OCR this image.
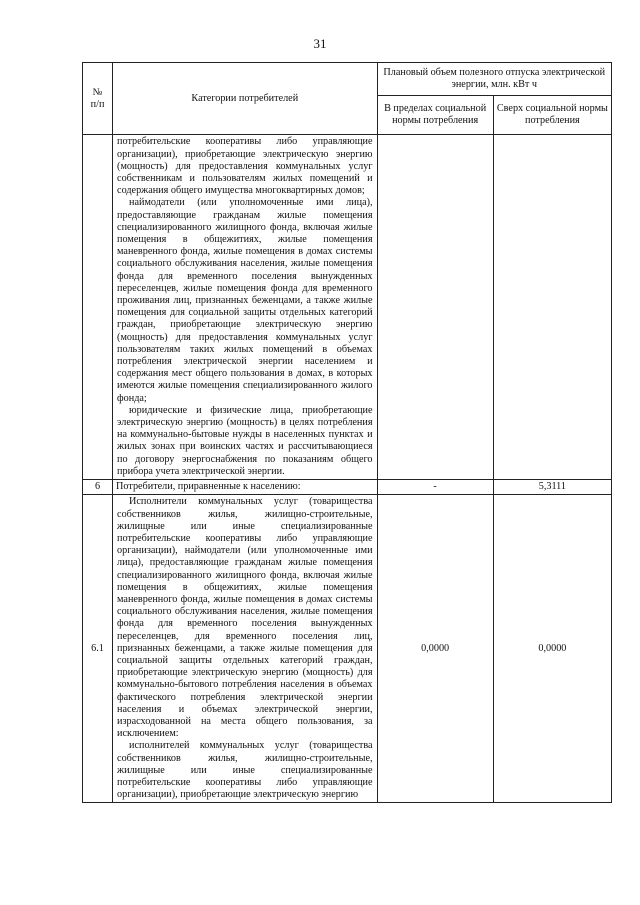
31
№
п/п	Категории потребителей	Плановый объем полезного отпуска электрической энергии, млн. кВт ч	
		В пределах социальной нормы потребления	Сверх социальной нормы потребления

	потребительские кооперативы либо управляющие организации), приобретающие электрическую энергию (мощность) для предоставления коммунальных услуг собственникам и пользователям жилых помещений и содержания общего имущества многоквартирных домов;

наймодатели (или уполномоченные ими лица), предоставляющие гражданам жилые помещения специализированного жилищного фонда, включая жилые помещения в общежитиях, жилые помещения маневренного фонда, жилые помещения в домах системы социального обслуживания населения, жилые помещения фонда для временного поселения вынужденных переселенцев, жилые помещения фонда для временного проживания лиц, признанных беженцами, а также жилые помещения для социальной защиты отдельных категорий граждан, приобретающие электрическую энергию (мощность) для предоставления коммунальных услуг пользователям таких жилых помещений в объемах потребления электрической энергии населением и содержания мест общего пользования в домах, в которых имеются жилые помещения специализированного жилого фонда;

юридические и физические лица, приобретающие электрическую энергию (мощность) в целях потребления на коммунально-бытовые нужды в населенных пунктах и жилых зонах при воинских частях и рассчитывающиеся по договору энергоснабжения по показаниям общего прибора учета электрической энергии.		

6	Потребители, приравненные к населению:	-	5,3111
6.1	Исполнители коммунальных услуг (товарищества собственников жилья, жилищно-строительные, жилищные или иные специализированные потребительские кооперативы либо управляющие организации), наймодатели (или уполномоченные ими лица), предоставляющие гражданам жилые помещения специализированного жилищного фонда, включая жилые помещения в общежитиях, жилые помещения маневренного фонда, жилые помещения в домах системы социального обслуживания населения, жилые помещения фонда для временного поселения вынужденных переселенцев, для временного поселения лиц, признанных беженцами, а также жилые помещения для социальной защиты отдельных категорий граждан, приобретающие электрическую энергию (мощность) для коммунально-бытового потребления населения в объемах фактического потребления электрической энергии населения и объемах электрической энергии, израсходованной на места общего пользования, за исключением:

исполнителей коммунальных услуг (товарищества собственников жилья, жилищно-строительные, жилищные или иные специализированные потребительские кооперативы либо управляющие организации), приобретающие электрическую энергию	0,0000	0,0000
